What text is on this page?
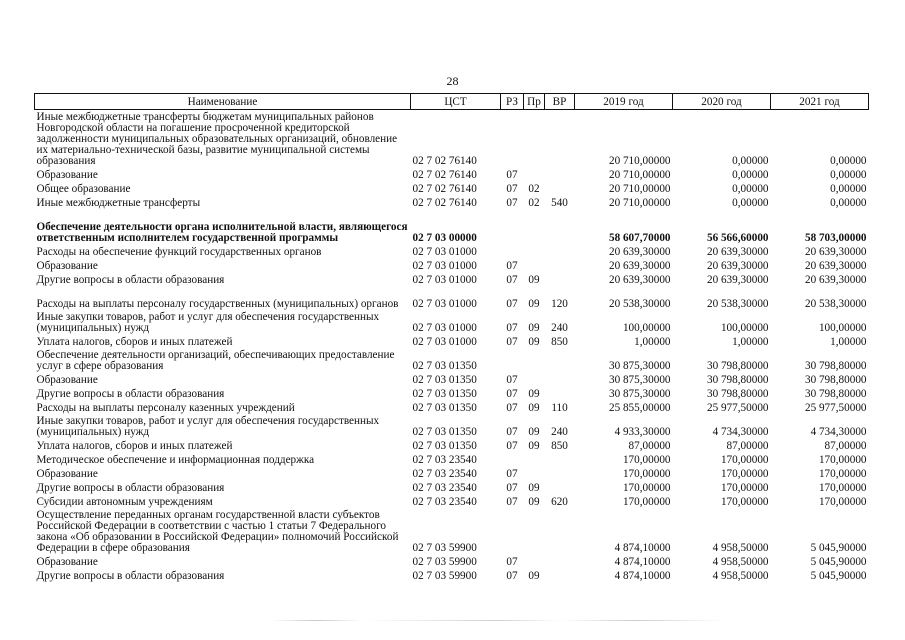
28
Наименование	ЦСТ	РЗ	Пр	ВР	2019 год	2020 год	2021 год
Иные межбюджетные трансферты бюджетам муниципальных районов Новгородской области на погашение просроченной кредиторской задолженности муниципальных образовательных организаций, обновление их материально-технической базы, развитие муниципальной системы образования	02 7 02 76140				20 710,00000	0,00000	0,00000
Образование	02 7 02 76140	07			20 710,00000	0,00000	0,00000
Общее образование	02 7 02 76140	07	02		20 710,00000	0,00000	0,00000
Иные межбюджетные трансферты	02 7 02 76140	07	02	540	20 710,00000	0,00000	0,00000
Обеспечение деятельности органа исполнительной власти, являющегося ответственным исполнителем государственной программы	02 7 03 00000				58 607,70000	56 566,60000	58 703,00000
Расходы на обеспечение функций государственных органов	02 7 03 01000				20 639,30000	20 639,30000	20 639,30000
Образование	02 7 03 01000	07			20 639,30000	20 639,30000	20 639,30000
Другие вопросы в области образования	02 7 03 01000	07	09		20 639,30000	20 639,30000	20 639,30000
Расходы на выплаты персоналу государственных (муниципальных) органов	02 7 03 01000	07	09	120	20 538,30000	20 538,30000	20 538,30000
Иные закупки товаров, работ и услуг для обеспечения государственных (муниципальных) нужд	02 7 03 01000	07	09	240	100,00000	100,00000	100,00000
Уплата налогов, сборов и иных платежей	02 7 03 01000	07	09	850	1,00000	1,00000	1,00000
Обеспечение деятельности организаций, обеспечивающих предоставление услуг в сфере образования	02 7 03 01350				30 875,30000	30 798,80000	30 798,80000
Образование	02 7 03 01350	07			30 875,30000	30 798,80000	30 798,80000
Другие вопросы в области образования	02 7 03 01350	07	09		30 875,30000	30 798,80000	30 798,80000
Расходы на выплаты персоналу казенных учреждений	02 7 03 01350	07	09	110	25 855,00000	25 977,50000	25 977,50000
Иные закупки товаров, работ и услуг для обеспечения государственных (муниципальных) нужд	02 7 03 01350	07	09	240	4 933,30000	4 734,30000	4 734,30000
Уплата налогов, сборов и иных платежей	02 7 03 01350	07	09	850	87,00000	87,00000	87,00000
Методическое обеспечение и информационная поддержка	02 7 03 23540				170,00000	170,00000	170,00000
Образование	02 7 03 23540	07			170,00000	170,00000	170,00000
Другие вопросы в области образования	02 7 03 23540	07	09		170,00000	170,00000	170,00000
Субсидии автономным учреждениям	02 7 03 23540	07	09	620	170,00000	170,00000	170,00000
Осуществление переданных органам государственной власти субъектов Российской Федерации в соответствии с частью 1 статьи 7 Федерального закона «Об образовании в Российской Федерации» полномочий Российской Федерации в сфере образования	02 7 03 59900				4 874,10000	4 958,50000	5 045,90000
Образование	02 7 03 59900	07			4 874,10000	4 958,50000	5 045,90000
Другие вопросы в области образования	02 7 03 59900	07	09		4 874,10000	4 958,50000	5 045,90000
